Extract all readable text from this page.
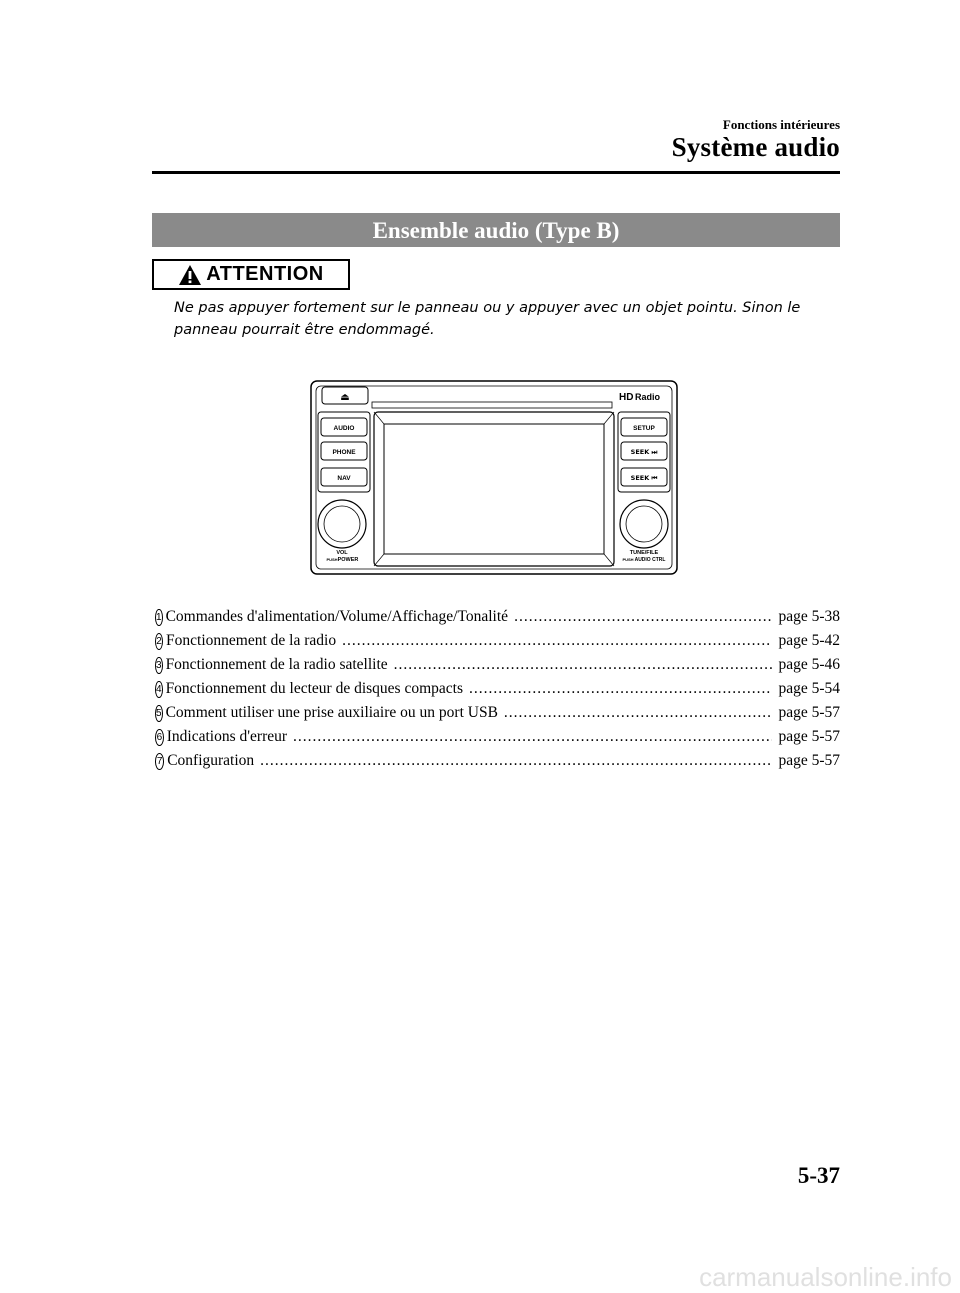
Fonctions intérieures
Système audio
Ensemble audio (Type B)
ATTENTION
Ne pas appuyer fortement sur le panneau ou y appuyer avec un objet pointu. Sinon le panneau pourrait être endommagé.
⏏	HD Radio
AUDIO
PHONE
NAV
SETUP
SEEK ⏭
SEEK ⏮
VOL
PUSH POWER
TUNE/FILE
PUSH AUDIO CTRL
1 Commandes d'alimentation/Volume/Affichage/Tonalité .....	page 5-38
2 Fonctionnement de la radio .....	page 5-42
3 Fonctionnement de la radio satellite .....	page 5-46
4 Fonctionnement du lecteur de disques compacts .....	page 5-54
5 Comment utiliser une prise auxiliaire ou un port USB .....	page 5-57
6 Indications d'erreur .....	page 5-57
7 Configuration .....	page 5-57
5-37
carmanualsonline.info
